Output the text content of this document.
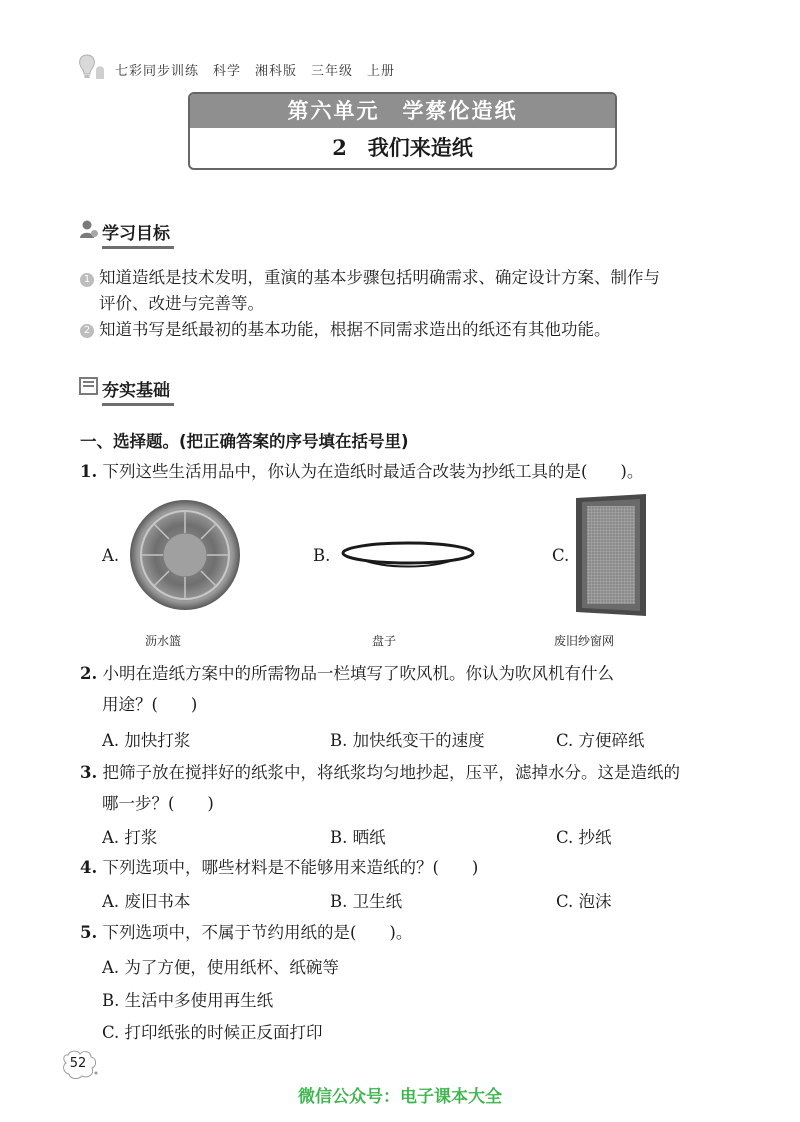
七彩同步训练　科学　湘科版　三年级　上册
第六单元　学蔡伦造纸
2　我们来造纸
学习目标
1 知道造纸是技术发明，重演的基本步骤包括明确需求、确定设计方案、制作与
评价、改进与完善等。
2 知道书写是纸最初的基本功能，根据不同需求造出的纸还有其他功能。
夯实基础
一、选择题。(把正确答案的序号填在括号里)
1. 下列这些生活用品中，你认为在造纸时最适合改装为抄纸工具的是(　　)。
A.
沥水篮
B.
盘子
C.
废旧纱窗网
2. 小明在造纸方案中的所需物品一栏填写了吹风机。你认为吹风机有什么
用途？(　　)
A. 加快打浆	B. 加快纸变干的速度	C. 方便碎纸
3. 把筛子放在搅拌好的纸浆中，将纸浆均匀地抄起，压平，滤掉水分。这是造纸的
哪一步？(　　)
A. 打浆	B. 晒纸	C. 抄纸
4. 下列选项中，哪些材料是不能够用来造纸的？(　　)
A. 废旧书本	B. 卫生纸	C. 泡沫
5. 下列选项中，不属于节约用纸的是(　　)。
A. 为了方便，使用纸杯、纸碗等
B. 生活中多使用再生纸
C. 打印纸张的时候正反面打印
52
微信公众号：电子课本大全
